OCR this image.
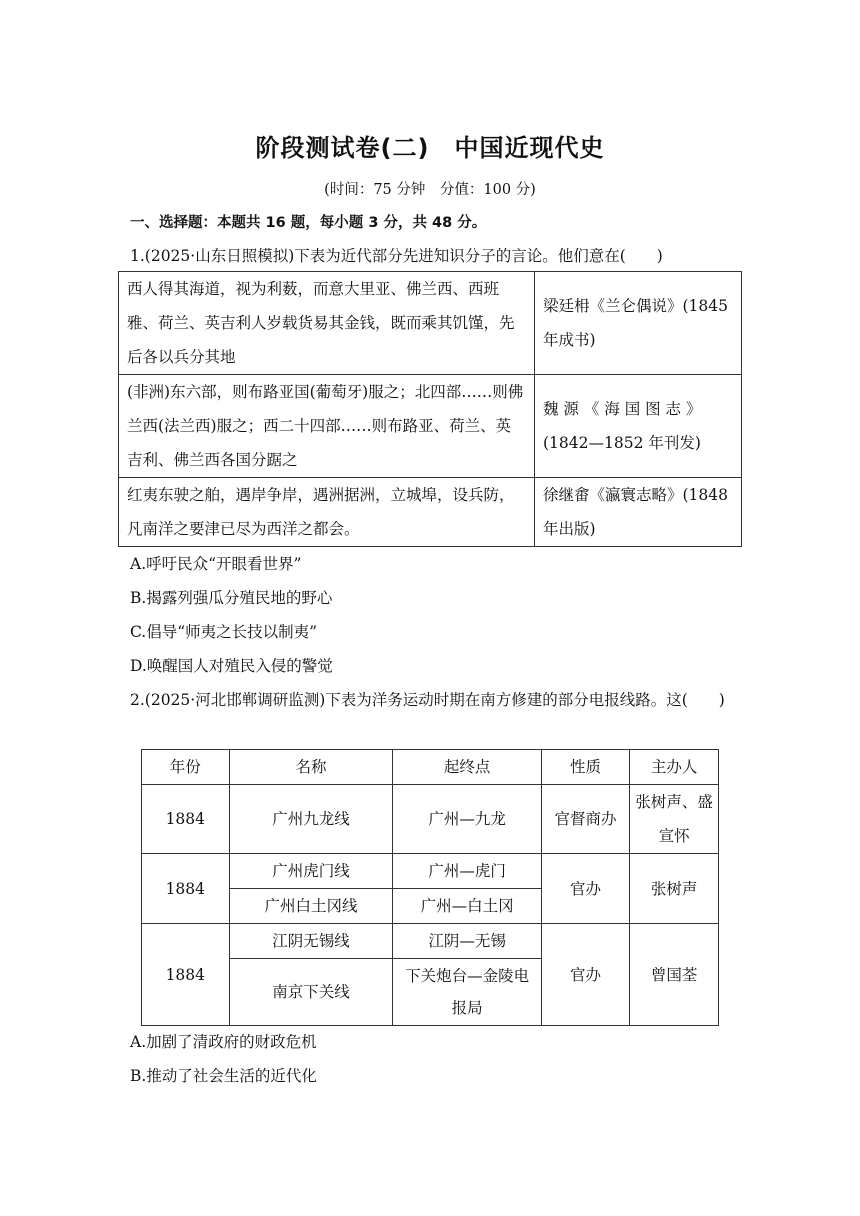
阶段测试卷(二)　中国近现代史
(时间：75 分钟　分值：100 分)
一、选择题：本题共 16 题，每小题 3 分，共 48 分。
1.(2025·山东日照模拟)下表为近代部分先进知识分子的言论。他们意在(　　)
西人得其海道，视为利薮，而意大里亚、佛兰西、西班雅、荷兰、英吉利人岁载货易其金钱，既而乘其饥馑，先后各以兵分其地	梁廷枏《兰仑偶说》(1845 年成书)
(非洲)东六部，则布路亚国(葡萄牙)服之；北四部……则佛兰西(法兰西)服之；西二十四部……则布路亚、荷兰、英吉利、佛兰西各国分踞之	魏 源 《 海 国 图 志 》(1842—1852 年刊发)
红夷东驶之舶，遇岸争岸，遇洲据洲，立城埠，设兵防，凡南洋之要津已尽为西洋之都会。	徐继畬《瀛寰志略》(1848 年出版)
A.呼吁民众“开眼看世界”
B.揭露列强瓜分殖民地的野心
C.倡导“师夷之长技以制夷”
D.唤醒国人对殖民入侵的警觉
2.(2025·河北邯郸调研监测)下表为洋务运动时期在南方修建的部分电报线路。这(　　)
年份	名称	起终点	性质	主办人
1884	广州九龙线	广州—九龙	官督商办	张树声、盛宣怀
1884	广州虎门线	广州—虎门	官办	张树声
	广州白土冈线	广州—白土冈		
1884	江阴无锡线	江阴—无锡	官办	曾国荃
	南京下关线	下关炮台—金陵电报局		
A.加剧了清政府的财政危机
B.推动了社会生活的近代化
